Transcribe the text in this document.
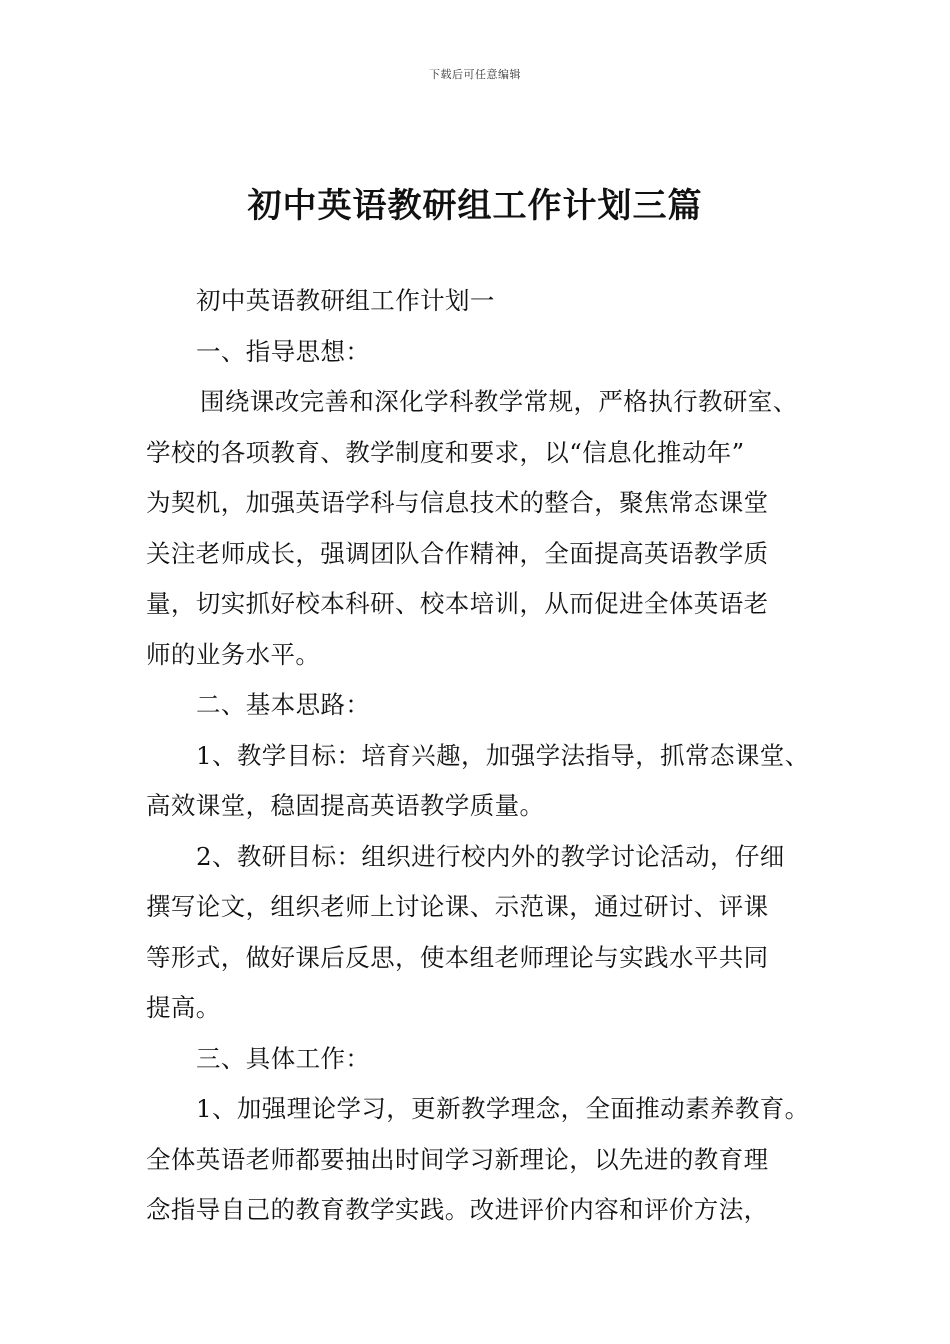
下载后可任意编辑
初中英语教研组工作计划三篇
初中英语教研组工作计划一
一、指导思想：
围绕课改完善和深化学科教学常规，严格执行教研室、
学校的各项教育、教学制度和要求，以“信息化推动年”
为契机，加强英语学科与信息技术的整合，聚焦常态课堂
关注老师成长，强调团队合作精神，全面提高英语教学质
量，切实抓好校本科研、校本培训，从而促进全体英语老
师的业务水平。
二、基本思路：
1、教学目标：培育兴趣，加强学法指导，抓常态课堂、
高效课堂，稳固提高英语教学质量。
2、教研目标：组织进行校内外的教学讨论活动，仔细
撰写论文，组织老师上讨论课、示范课，通过研讨、评课
等形式，做好课后反思，使本组老师理论与实践水平共同
提高。
三、具体工作：
1、加强理论学习，更新教学理念，全面推动素养教育。
全体英语老师都要抽出时间学习新理论，以先进的教育理
念指导自己的教育教学实践。改进评价内容和评价方法，
